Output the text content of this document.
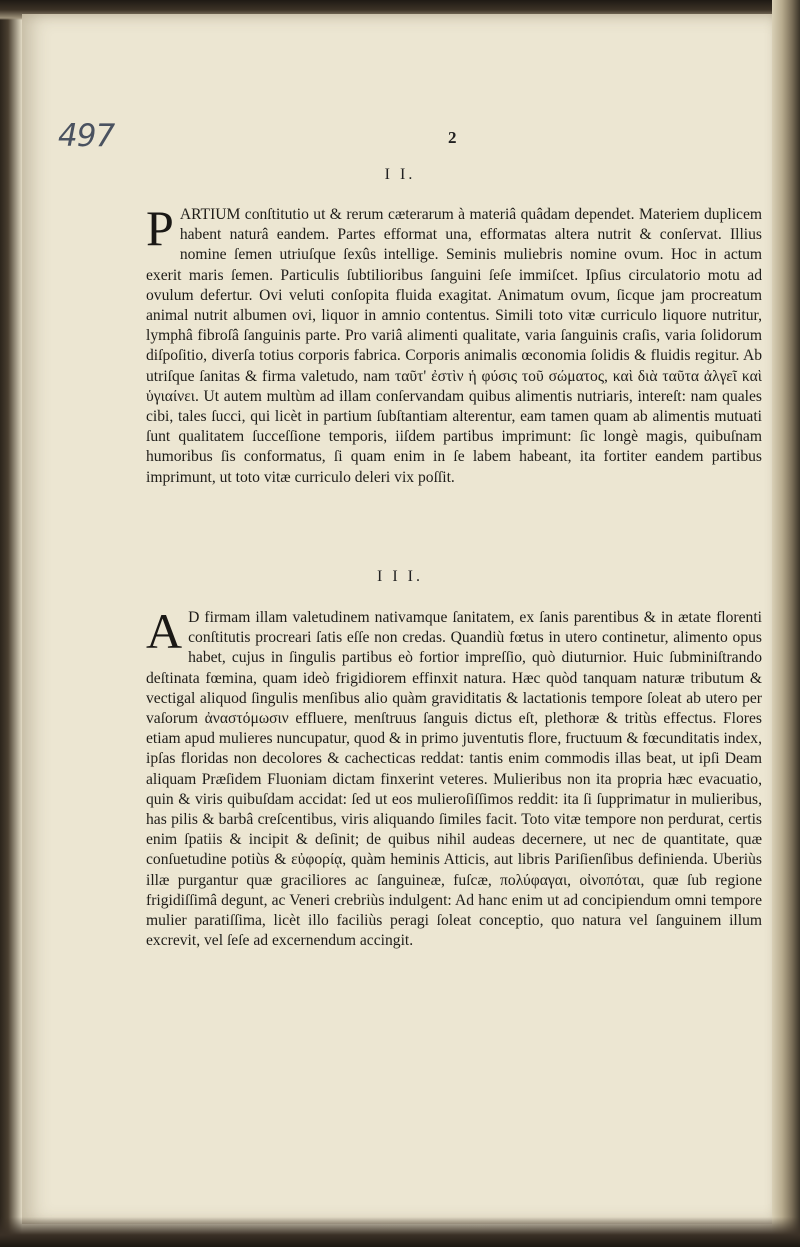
497	2
I I.
PARTIUM conſtitutio ut & rerum cæterarum à materiâ quâdam dependet. Materiem duplicem habent naturâ eandem. Partes efformat una, efformatas altera nutrit & conſervat. Illius nomine ſemen utriuſque ſexûs intellige. Seminis muliebris nomine ovum. Hoc in actum exerit maris ſemen. Particulis ſubtilioribus ſanguini ſeſe immiſcet. Ipſius circulatorio motu ad ovulum defertur. Ovi veluti conſopita fluida exagitat. Animatum ovum, ſicque jam procreatum animal nutrit albumen ovi, liquor in amnio contentus. Simili toto vitæ curriculo liquore nutritur, lymphâ fibroſâ ſanguinis parte. Pro variâ alimenti qualitate, varia ſanguinis craſis, varia ſolidorum diſpoſitio, diverſa totius corporis fabrica. Corporis animalis œconomia ſolidis & fluidis regitur. Ab utriſque ſanitas & firma valetudo, nam ταῦτ' ἐστὶν ἡ φύσις τοῦ σώματος, καὶ διὰ ταῦτα ἀλγεῖ καὶ ὑγιαίνει. Ut autem multùm ad illam conſervandam quibus alimentis nutriaris, intereſt: nam quales cibi, tales ſucci, qui licèt in partium ſubſtantiam alterentur, eam tamen quam ab alimentis mutuati ſunt qualitatem ſucceſſione temporis, iiſdem partibus imprimunt: ſic longè magis, quibuſnam humoribus ſis conformatus, ſi quam enim in ſe labem habeant, ita fortiter eandem partibus imprimunt, ut toto vitæ curriculo deleri vix poſſit.
I I I.
A D firmam illam valetudinem nativamque ſanitatem, ex ſanis parentibus & in ætate florenti conſtitutis procreari ſatis eſſe non credas. Quandiù fœtus in utero continetur, alimento opus habet, cujus in ſingulis partibus eò fortior impreſſio, quò diuturnior. Huic ſubminiſtrando deſtinata fœmina, quam ideò frigidiorem effinxit natura. Hæc quòd tanquam naturæ tributum & vectigal aliquod ſingulis menſibus alio quàm graviditatis & lactationis tempore ſoleat ab utero per vaſorum ἀναστόμωσιν effluere, menſtruus ſanguis dictus eſt, plethoræ & tritùs effectus. Flores etiam apud mulieres nuncupatur, quod & in primo juventutis flore, fructuum & fœcunditatis index, ipſas floridas non decolores & cachecticas reddat: tantis enim commodis illas beat, ut ipſi Deam aliquam Præſidem Fluoniam dictam finxerint veteres. Mulieribus non ita propria hæc evacuatio, quin & viris quibuſdam accidat: ſed ut eos mulieroſiſſimos reddit: ita ſi ſupprimatur in mulieribus, has pilis & barbâ creſcentibus, viris aliquando ſimiles facit. Toto vitæ tempore non perdurat, certis enim ſpatiis & incipit & deſinit; de quibus nihil audeas decernere, ut nec de quantitate, quæ conſuetudine potiùs & εὐφορίᾳ, quàm heminis Atticis, aut libris Pariſienſibus definienda. Uberiùs illæ purgantur quæ graciliores ac ſanguineæ, fuſcæ, πολύφαγαι, οἰνοπόται, quæ ſub regione frigidiſſimâ degunt, ac Veneri crebriùs indulgent: Ad hanc enim ut ad concipiendum omni tempore mulier paratiſſima, licèt illo faciliùs peragi ſoleat conceptio, quo natura vel ſanguinem illum excrevit, vel ſeſe ad excernendum accingit.
